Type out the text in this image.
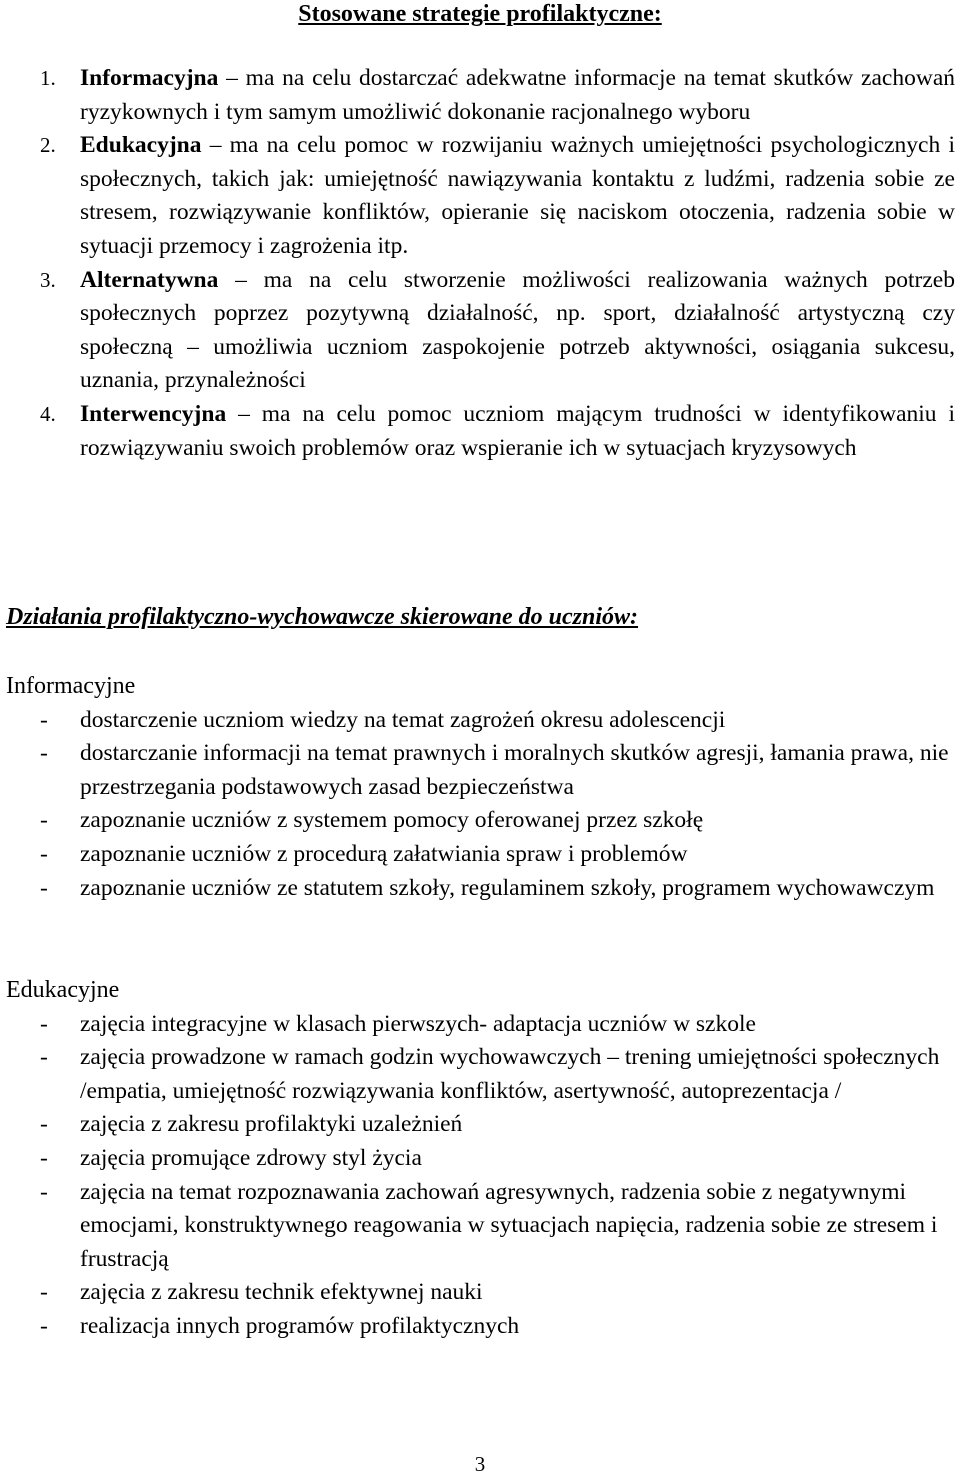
Stosowane strategie profilaktyczne:
1.	Informacyjna – ma na celu dostarczać adekwatne informacje na temat skutków zachowań ryzykownych i tym samym umożliwić dokonanie racjonalnego wyboru
2.	Edukacyjna – ma na celu pomoc w rozwijaniu ważnych umiejętności psychologicznych i społecznych, takich jak: umiejętność nawiązywania kontaktu z ludźmi, radzenia sobie ze stresem, rozwiązywanie konfliktów, opieranie się naciskom otoczenia, radzenia sobie w sytuacji przemocy i zagrożenia itp.
3.	Alternatywna – ma na celu stworzenie możliwości realizowania ważnych potrzeb społecznych poprzez pozytywną działalność, np. sport, działalność artystyczną czy społeczną – umożliwia uczniom zaspokojenie potrzeb aktywności, osiągania sukcesu, uznania, przynależności
4.	Interwencyjna – ma na celu pomoc uczniom mającym trudności w identyfikowaniu i rozwiązywaniu swoich problemów oraz wspieranie ich w sytuacjach kryzysowych
Działania profilaktyczno-wychowawcze skierowane do uczniów:
Informacyjne
- dostarczenie uczniom wiedzy na temat zagrożeń okresu adolescencji
- dostarczanie informacji na temat prawnych i moralnych skutków agresji, łamania prawa, nie przestrzegania podstawowych zasad bezpieczeństwa
- zapoznanie uczniów z systemem pomocy oferowanej przez szkołę
- zapoznanie uczniów z procedurą załatwiania spraw i problemów
- zapoznanie uczniów ze statutem szkoły, regulaminem szkoły, programem wychowawczym
Edukacyjne
- zajęcia integracyjne w klasach pierwszych- adaptacja uczniów w szkole
- zajęcia prowadzone w ramach godzin wychowawczych – trening umiejętności społecznych /empatia, umiejętność rozwiązywania konfliktów, asertywność, autoprezentacja /
- zajęcia z zakresu profilaktyki uzależnień
- zajęcia promujące zdrowy styl życia
- zajęcia na temat rozpoznawania zachowań agresywnych, radzenia sobie z negatywnymi emocjami, konstruktywnego reagowania w sytuacjach napięcia, radzenia sobie ze stresem i frustracją
- zajęcia z zakresu technik efektywnej nauki
- realizacja innych programów profilaktycznych
3
